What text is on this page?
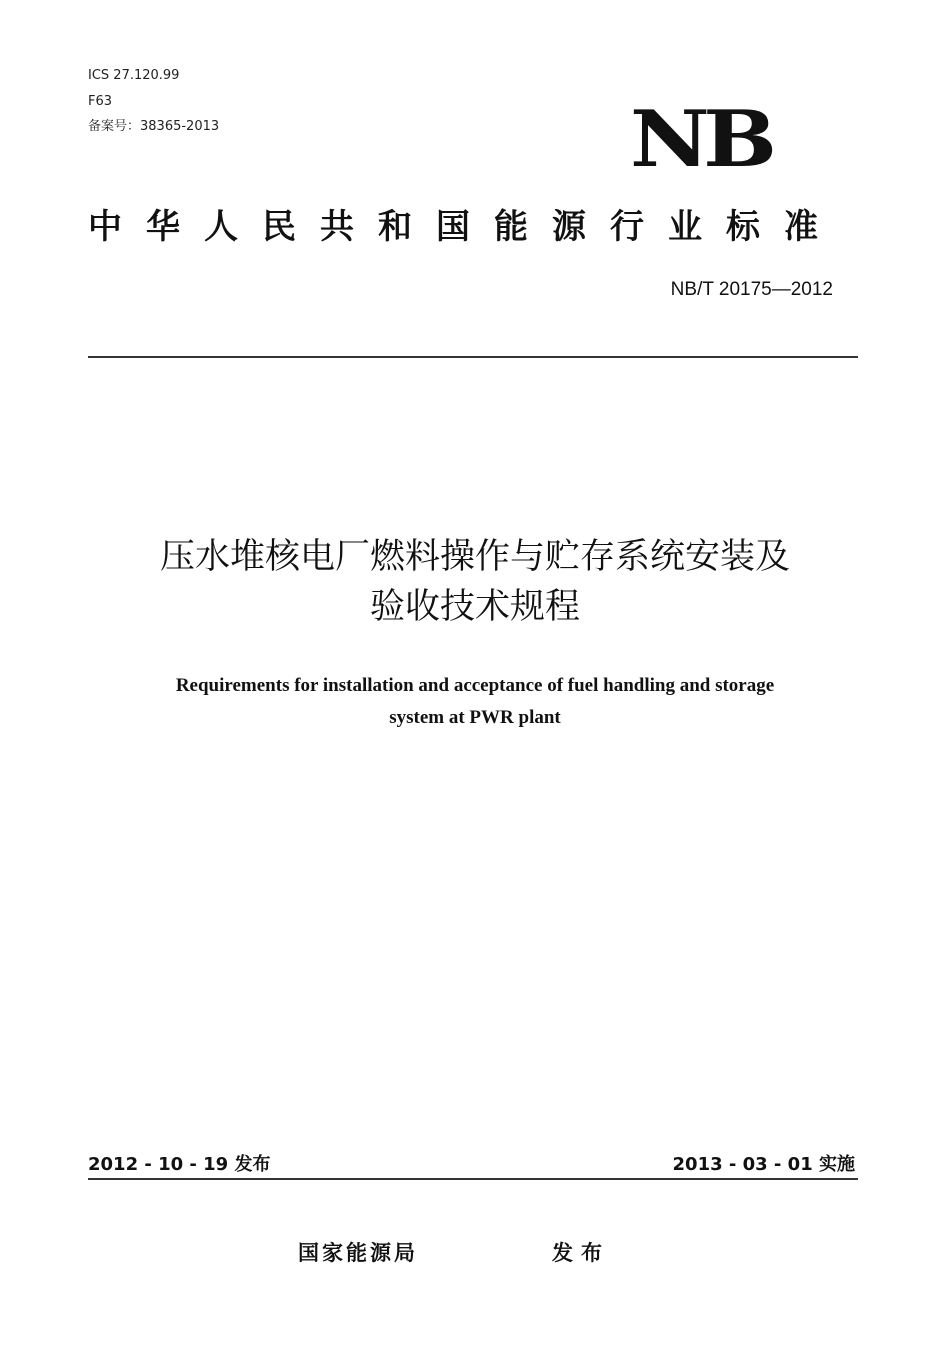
ICS 27.120.99
F63
备案号：38365-2013	NB
中华人民共和国能源行业标准
NB/T 20175—2012
压水堆核电厂燃料操作与贮存系统安装及
验收技术规程
Requirements for installation and acceptance of fuel handling and storage
system at PWR plant
2012 - 10 - 19 发布	2013 - 03 - 01 实施
国家能源局	发布
